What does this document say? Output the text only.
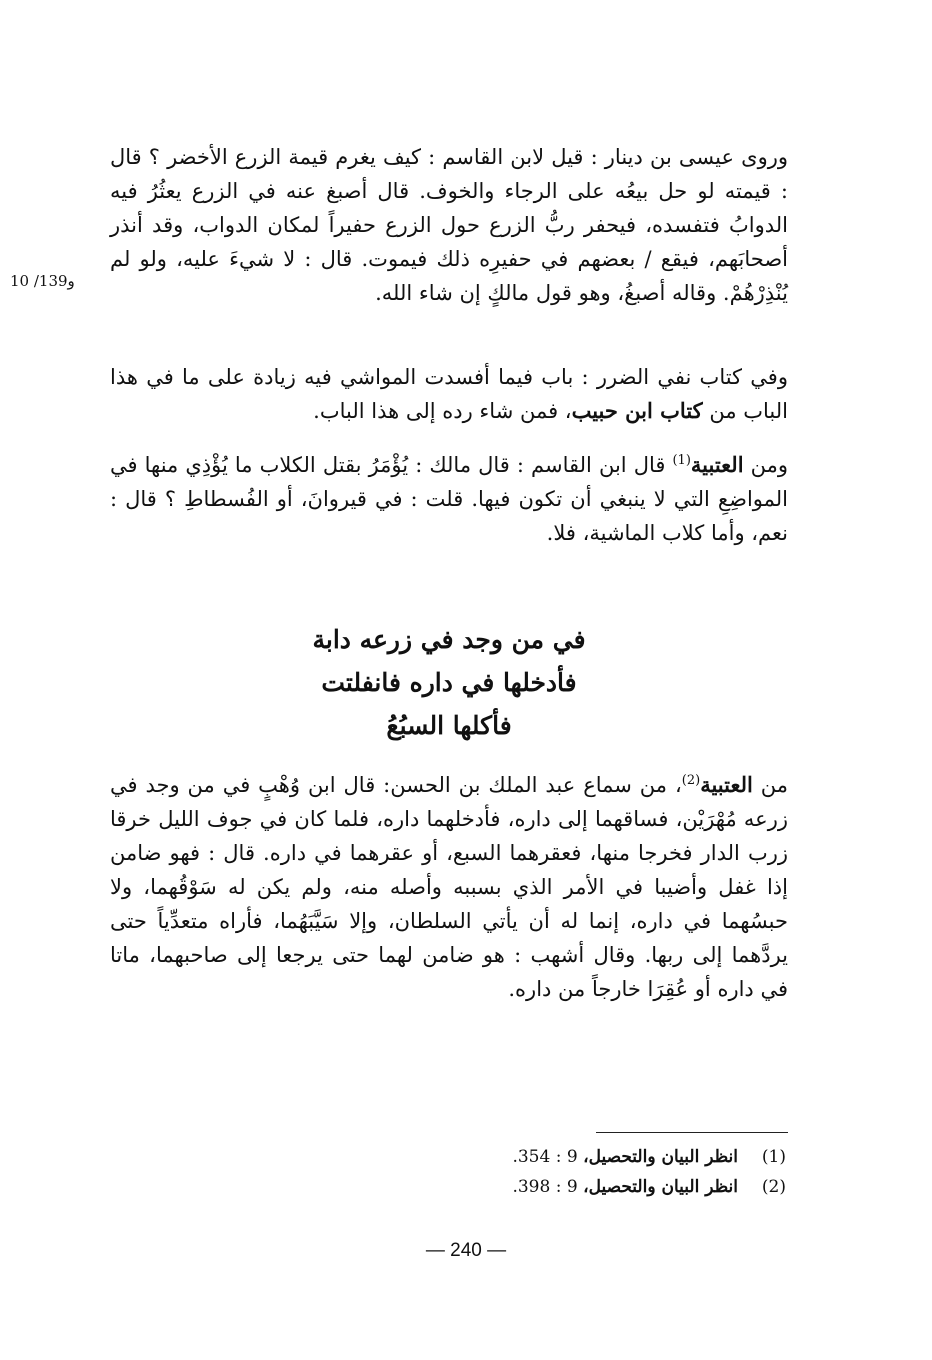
10 /139و

وروى عيسى بن دينار : قيل لابن القاسم : كيف يغرم قيمة الزرع الأخضر ؟ قال : قيمته لو حل بيعُه على الرجاء والخوف. قال أصبغ عنه في الزرع يعثُرُ فيه الدوابُ فتفسده، فيحفر ربُّ الزرع حول الزرع حفيراً لمكان الدواب، وقد أنذر أصحابَهم، فيقع / بعضهم في حفيرِه ذلك فيموت. قال : لا شيءَ عليه، ولو لم يُنْذِرْهُمْ. وقاله أصبغُ، وهو قول مالكٍ إن شاء الله.

وفي كتاب نفي الضرر : باب فيما أفسدت المواشي فيه زيادة على ما في هذا الباب من كتاب ابن حبيب، فمن شاء رده إلى هذا الباب.

ومن العتبية$^{(1)}$ قال ابن القاسم : قال مالك : يُؤْمَرُ بقتل الكلاب ما يُؤْذِي منها في المواضِعِ التي لا ينبغي أن تكون فيها. قلت : في قيروانَ، أو الفُسطاطِ ؟ قال : نعم، وأما كلاب الماشية، فلا.

في من وجد في زرعه دابة
فأدخلها في داره فانفلتت
فأكلها السبُعُ

من العتبية$^{(2)}$، من سماع عبد الملك بن الحسن: قال ابن وُهْبٍ في من وجد في زرعه مُهْرَيْن، فساقهما إلى داره، فأدخلهما داره، فلما كان في جوف الليل خرقا زرب الدار فخرجا منها، فعقرهما السبع، أو عقرهما في داره. قال : فهو ضامن إذا غفل وأضيبا في الأمر الذي بسببه وأصله منه، ولم يكن له سَوْقُهما، ولا حبسُهما في داره، إنما له أن يأتي السلطان، وإلا سَيَّبَهُما، فأراه متعدِّياً حتى يردَّهما إلى ربها. وقال أشهب : هو ضامن لهما حتى يرجعا إلى صاحبهما، ماتا في داره أو عُقِرَا خارجاً من داره.

(1)انظر البيان والتحصيل، 9 : 354.
(2)انظر البيان والتحصيل، 9 : 398.
— 240 —
